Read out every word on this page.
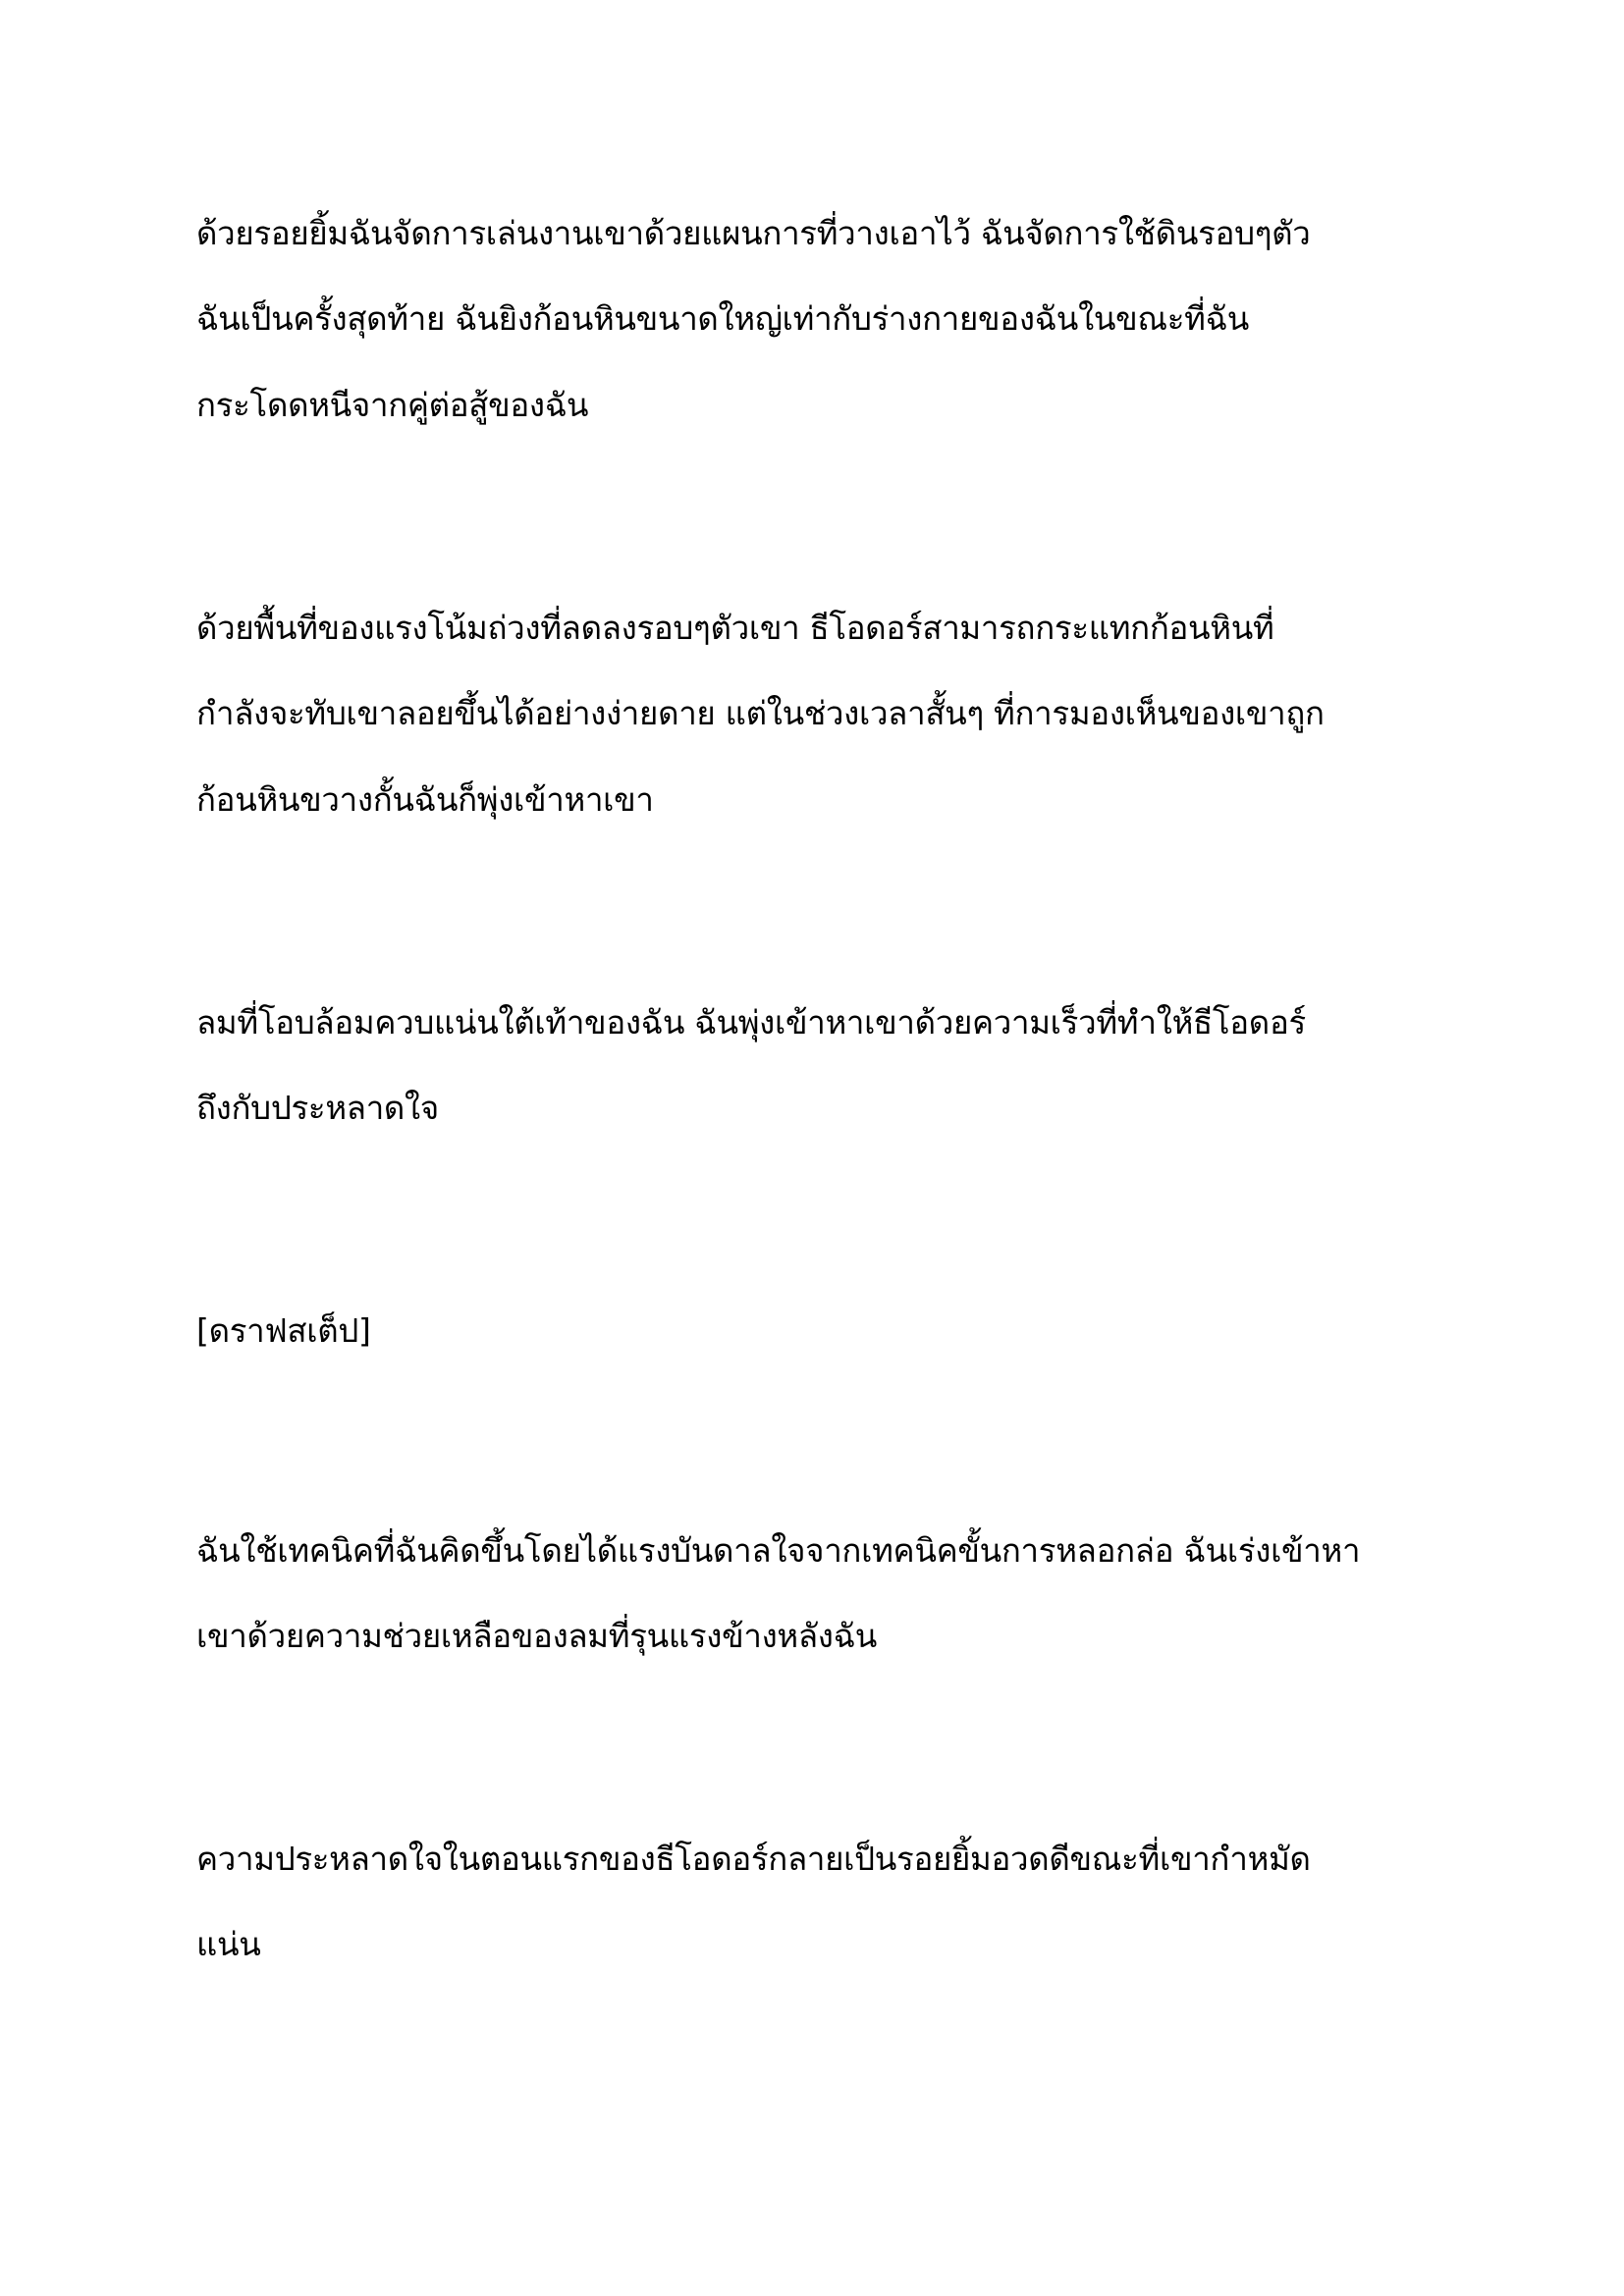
ด้วยรอยยิ้มฉันจัดการเล่นงานเขาด้วยแผนการที่วางเอาไว้ ฉันจัดการใช้ดินรอบๆตัว
ฉันเป็นครั้งสุดท้าย ฉันยิงก้อนหินขนาดใหญ่เท่ากับร่างกายของฉันในขณะที่ฉัน
กระโดดหนีจากคู่ต่อสู้ของฉัน
ด้วยพื้นที่ของแรงโน้มถ่วงที่ลดลงรอบๆตัวเขา ธีโอดอร์สามารถกระแทกก้อนหินที่
กำลังจะทับเขาลอยขึ้นได้อย่างง่ายดาย แต่ในช่วงเวลาสั้นๆ ที่การมองเห็นของเขาถูก
ก้อนหินขวางกั้นฉันก็พุ่งเข้าหาเขา
ลมที่โอบล้อมควบแน่นใต้เท้าของฉัน ฉันพุ่งเข้าหาเขาด้วยความเร็วที่ทำให้ธีโอดอร์
ถึงกับประหลาดใจ
[ดราฟสเต็ป]
ฉันใช้เทคนิคที่ฉันคิดขึ้นโดยได้แรงบันดาลใจจากเทคนิคขั้นการหลอกล่อ ฉันเร่งเข้าหา
เขาด้วยความช่วยเหลือของลมที่รุนแรงข้างหลังฉัน
ความประหลาดใจในตอนแรกของธีโอดอร์กลายเป็นรอยยิ้มอวดดีขณะที่เขากำหมัด
แน่น
